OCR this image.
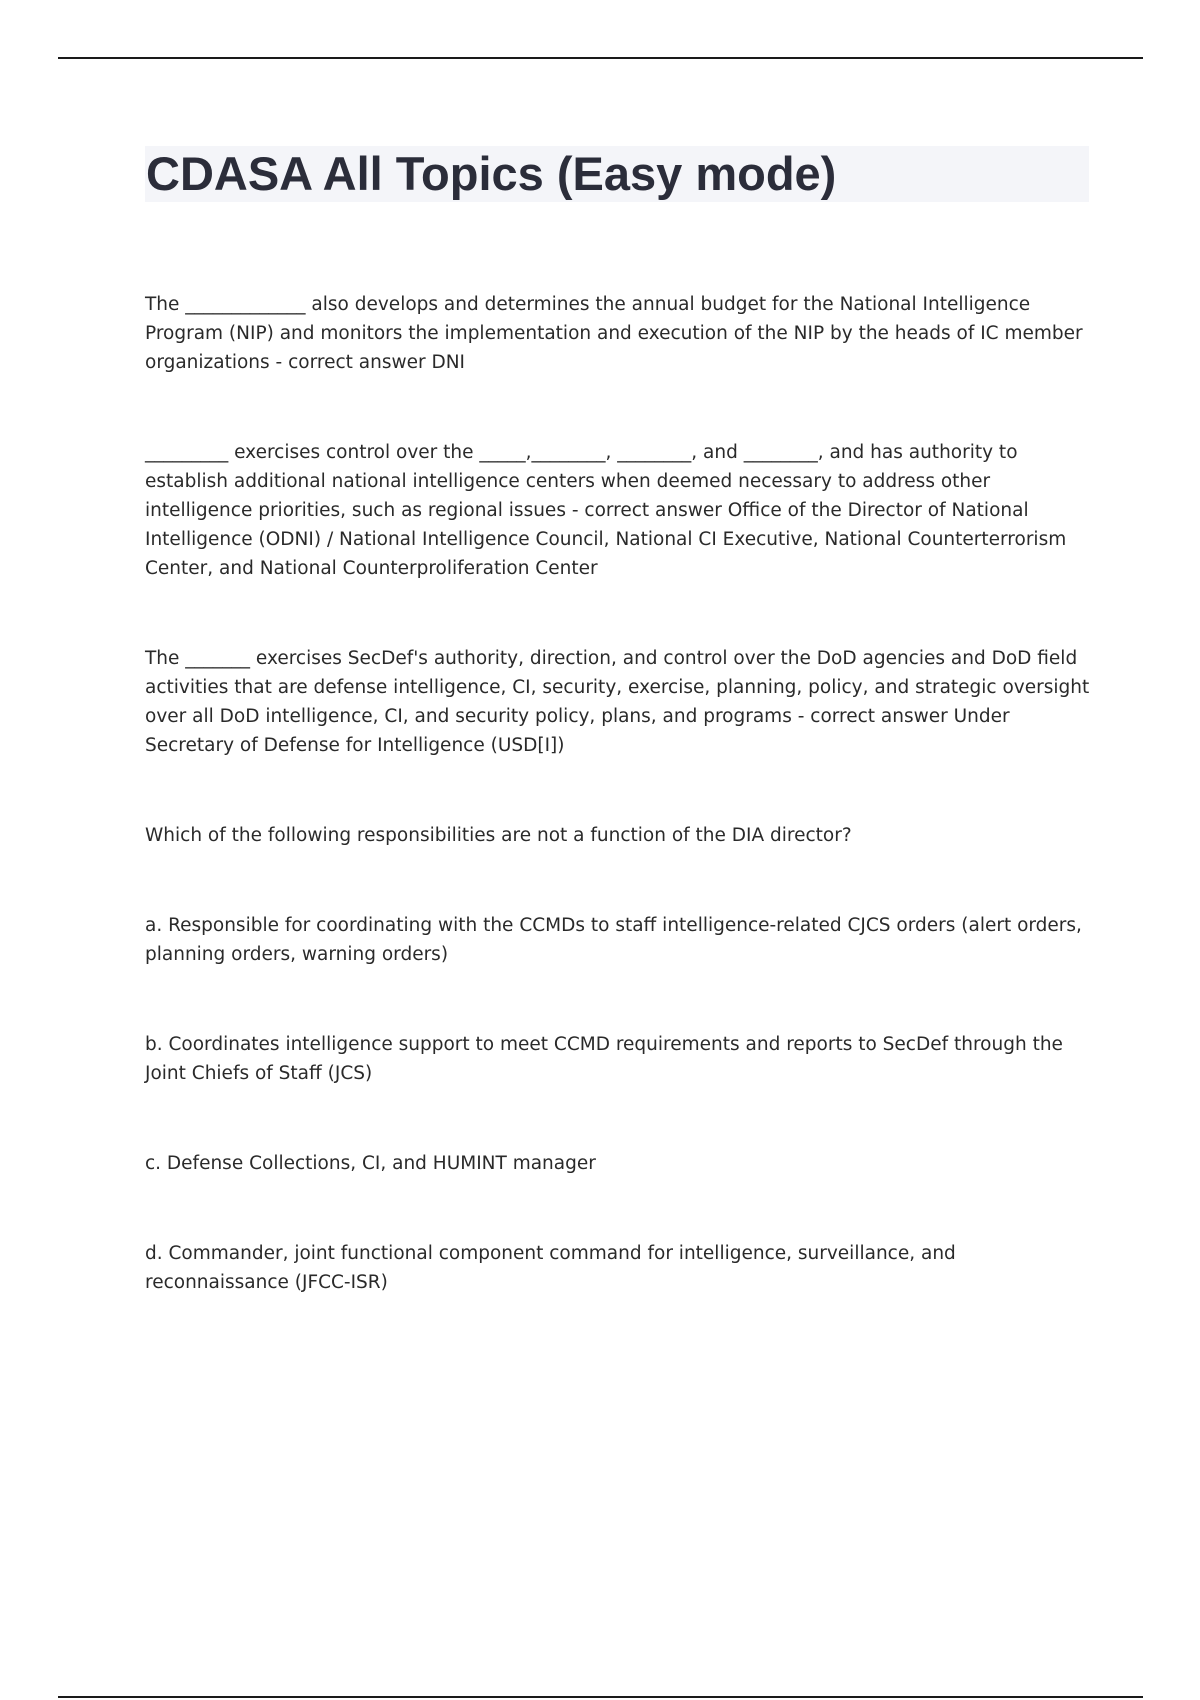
CDASA All Topics (Easy mode)

The _____________ also develops and determines the annual budget for the National Intelligence Program (NIP) and monitors the implementation and execution of the NIP by the heads of IC member organizations - correct answer DNI

_________ exercises control over the _____,________, ________, and ________, and has authority to establish additional national intelligence centers when deemed necessary to address other intelligence priorities, such as regional issues - correct answer Office of the Director of National Intelligence (ODNI) / National Intelligence Council, National CI Executive, National Counterterrorism Center, and National Counterproliferation Center

The _______ exercises SecDef's authority, direction, and control over the DoD agencies and DoD field activities that are defense intelligence, CI, security, exercise, planning, policy, and strategic oversight over all DoD intelligence, CI, and security policy, plans, and programs - correct answer Under Secretary of Defense for Intelligence (USD[I])

Which of the following responsibilities are not a function of the DIA director?

a. Responsible for coordinating with the CCMDs to staff intelligence-related CJCS orders (alert orders, planning orders, warning orders)

b. Coordinates intelligence support to meet CCMD requirements and reports to SecDef through the Joint Chiefs of Staff (JCS)

c. Defense Collections, CI, and HUMINT manager

d. Commander, joint functional component command for intelligence, surveillance, and reconnaissance (JFCC-ISR)
